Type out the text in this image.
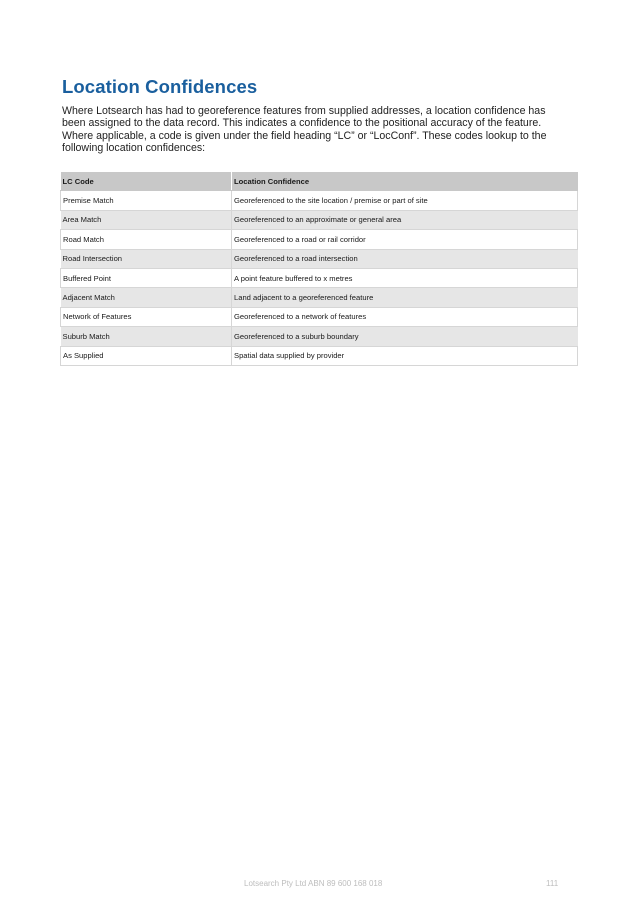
Location Confidences

Where Lotsearch has had to georeference features from supplied addresses, a location confidence has been assigned to the data record. This indicates a confidence to the positional accuracy of the feature. Where applicable, a code is given under the field heading “LC” or “LocConf”. These codes lookup to the following location confidences:

LC Code	Location Confidence
Premise Match	Georeferenced to the site location / premise or part of site
Area Match	Georeferenced to an approximate or general area
Road Match	Georeferenced to a road or rail corridor
Road Intersection	Georeferenced to a road intersection
Buffered Point	A point feature buffered to x metres
Adjacent Match	Land adjacent to a georeferenced feature
Network of Features	Georeferenced to a network of features
Suburb Match	Georeferenced to a suburb boundary
As Supplied	Spatial data supplied by provider
Lotsearch Pty Ltd ABN 89 600 168 018	111
